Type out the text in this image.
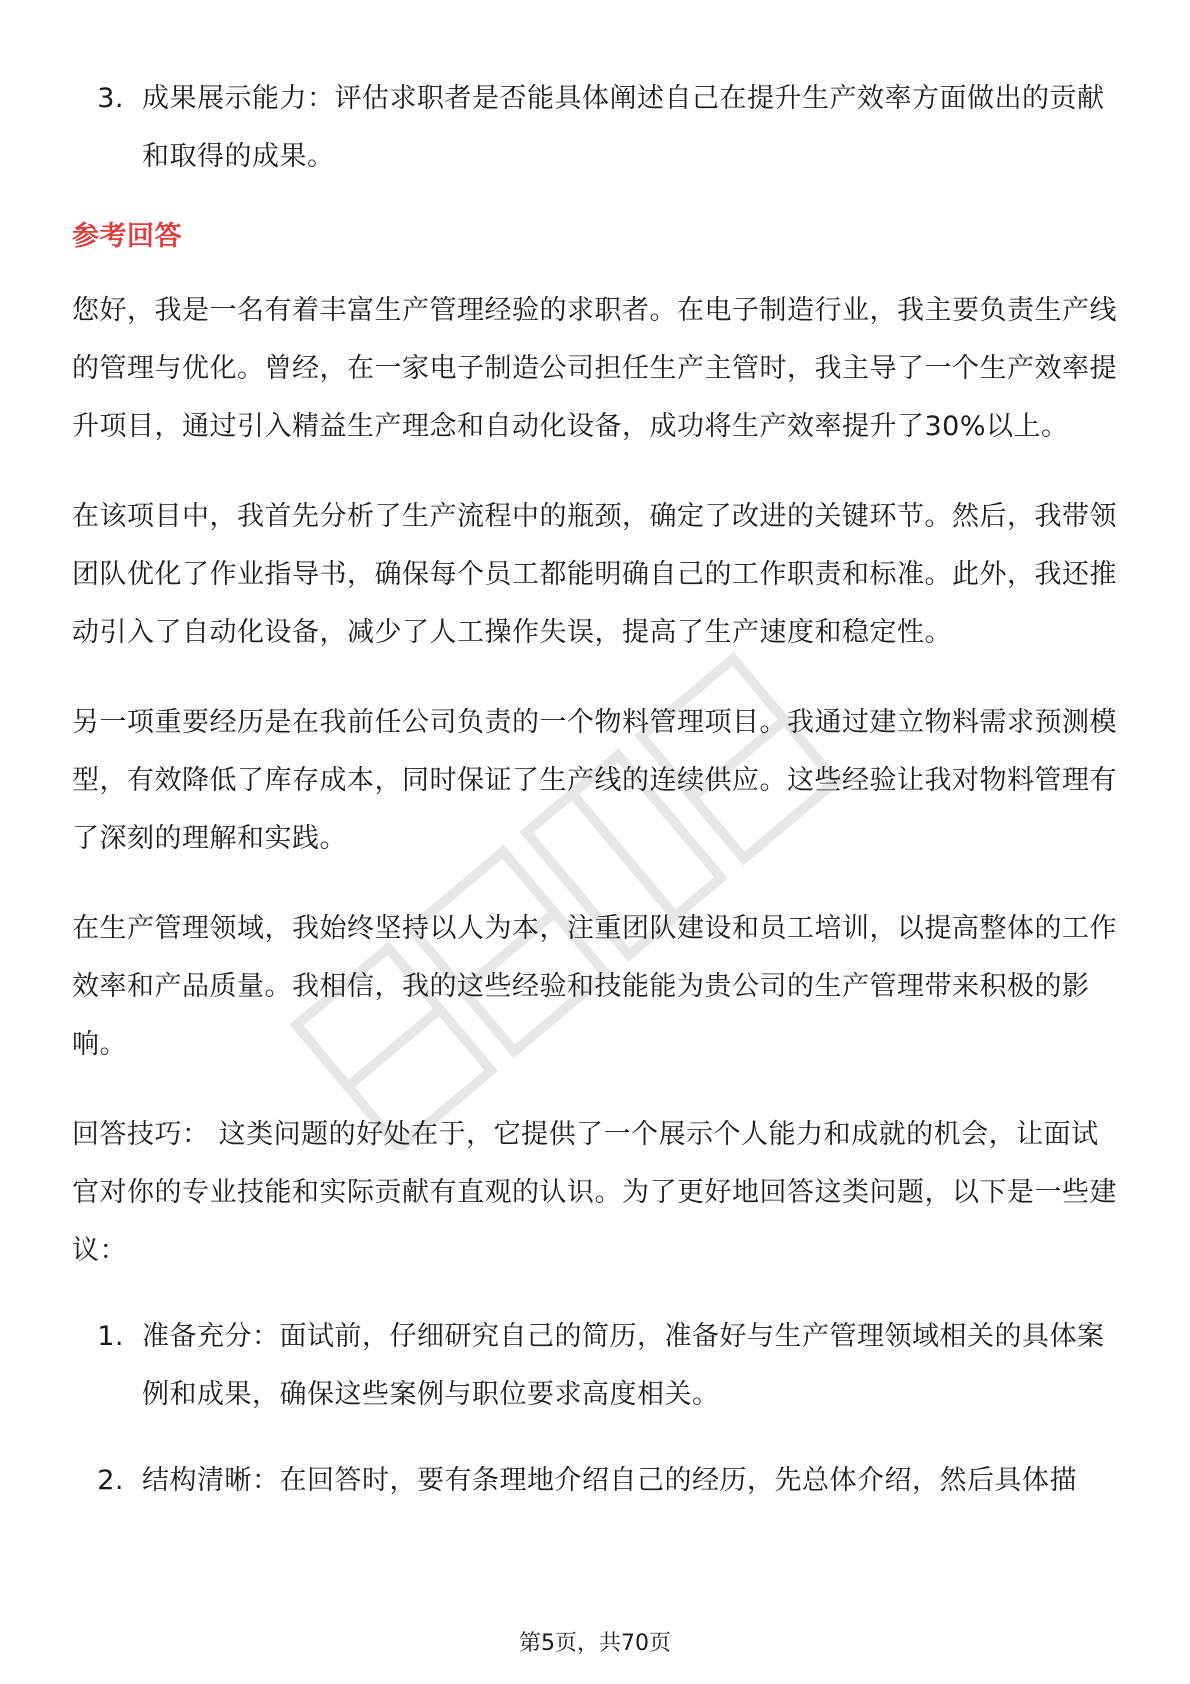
3. 成果展示能力：评估求职者是否能具体阐述自己在提升生产效率方面做出的贡献和取得的成果。

参考回答

您好，我是一名有着丰富生产管理经验的求职者。在电子制造行业，我主要负责生产线的管理与优化。曾经，在一家电子制造公司担任生产主管时，我主导了一个生产效率提升项目，通过引入精益生产理念和自动化设备，成功将生产效率提升了30%以上。

在该项目中，我首先分析了生产流程中的瓶颈，确定了改进的关键环节。然后，我带领团队优化了作业指导书，确保每个员工都能明确自己的工作职责和标准。此外，我还推动引入了自动化设备，减少了人工操作失误，提高了生产速度和稳定性。

另一项重要经历是在我前任公司负责的一个物料管理项目。我通过建立物料需求预测模型，有效降低了库存成本，同时保证了生产线的连续供应。这些经验让我对物料管理有了深刻的理解和实践。

在生产管理领域，我始终坚持以人为本，注重团队建设和员工培训，以提高整体的工作效率和产品质量。我相信，我的这些经验和技能能为贵公司的生产管理带来积极的影响。

回答技巧： 这类问题的好处在于，它提供了一个展示个人能力和成就的机会，让面试官对你的专业技能和实际贡献有直观的认识。为了更好地回答这类问题，以下是一些建议：

1. 准备充分：面试前，仔细研究自己的简历，准备好与生产管理领域相关的具体案例和成果，确保这些案例与职位要求高度相关。

2. 结构清晰：在回答时，要有条理地介绍自己的经历，先总体介绍，然后具体描

第5页，共70页
